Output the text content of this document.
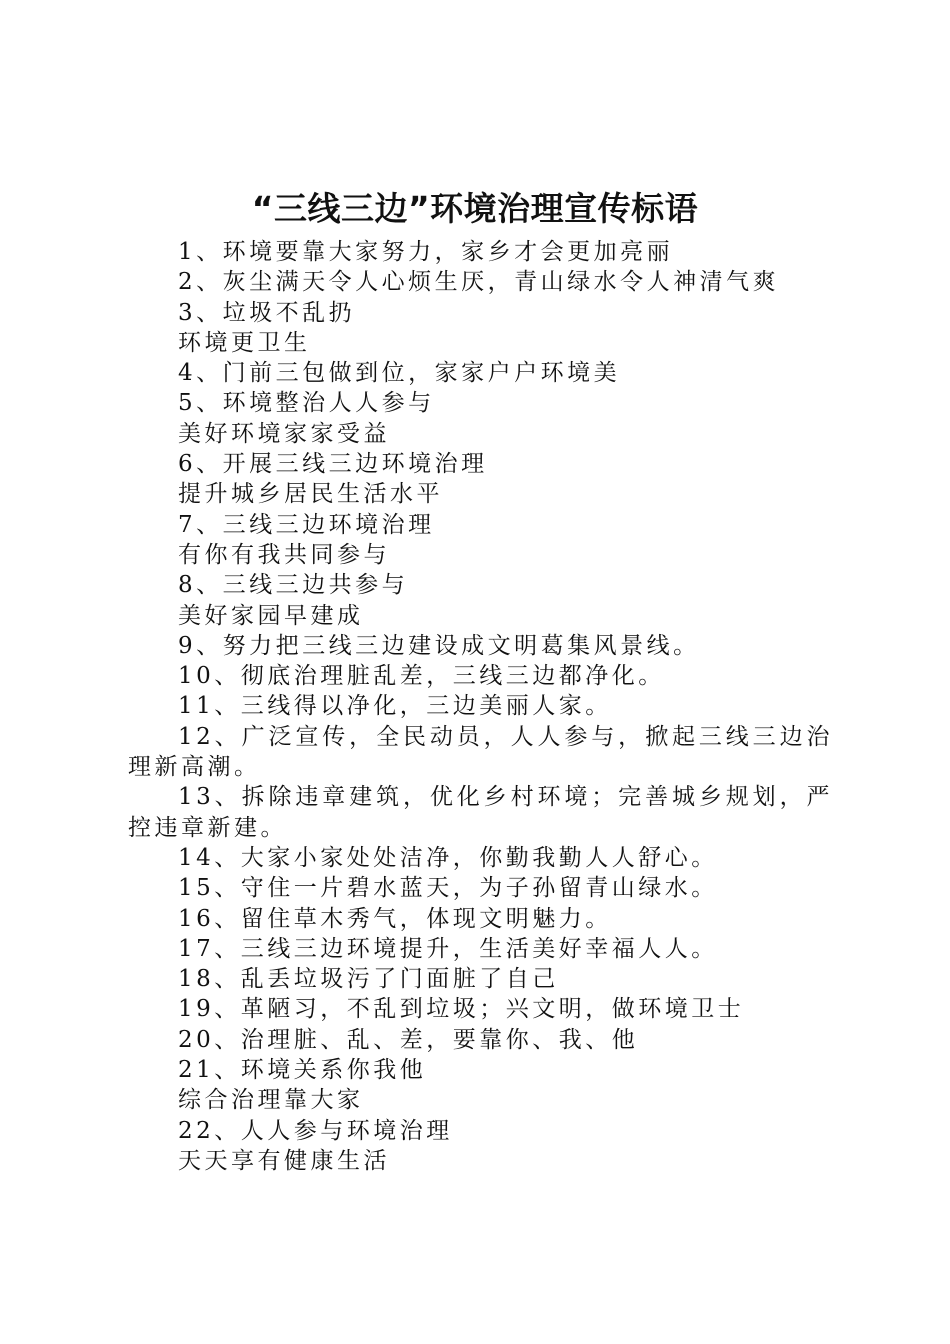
“三线三边”环境治理宣传标语
1、环境要靠大家努力，家乡才会更加亮丽
2、灰尘满天令人心烦生厌，青山绿水令人神清气爽
3、垃圾不乱扔
环境更卫生
4、门前三包做到位，家家户户环境美
5、环境整治人人参与
美好环境家家受益
6、开展三线三边环境治理
提升城乡居民生活水平
7、三线三边环境治理
有你有我共同参与
8、三线三边共参与
美好家园早建成
9、努力把三线三边建设成文明葛集风景线。
10、彻底治理脏乱差，三线三边都净化。
11、三线得以净化，三边美丽人家。
12、广泛宣传，全民动员，人人参与，掀起三线三边治理新高潮。
13、拆除违章建筑，优化乡村环境；完善城乡规划，严控违章新建。
14、大家小家处处洁净，你勤我勤人人舒心。
15、守住一片碧水蓝天，为子孙留青山绿水。
16、留住草木秀气，体现文明魅力。
17、三线三边环境提升，生活美好幸福人人。
18、乱丢垃圾污了门面脏了自己
19、革陋习，不乱到垃圾；兴文明，做环境卫士
20、治理脏、乱、差，要靠你、我、他
21、环境关系你我他
综合治理靠大家
22、人人参与环境治理
天天享有健康生活
